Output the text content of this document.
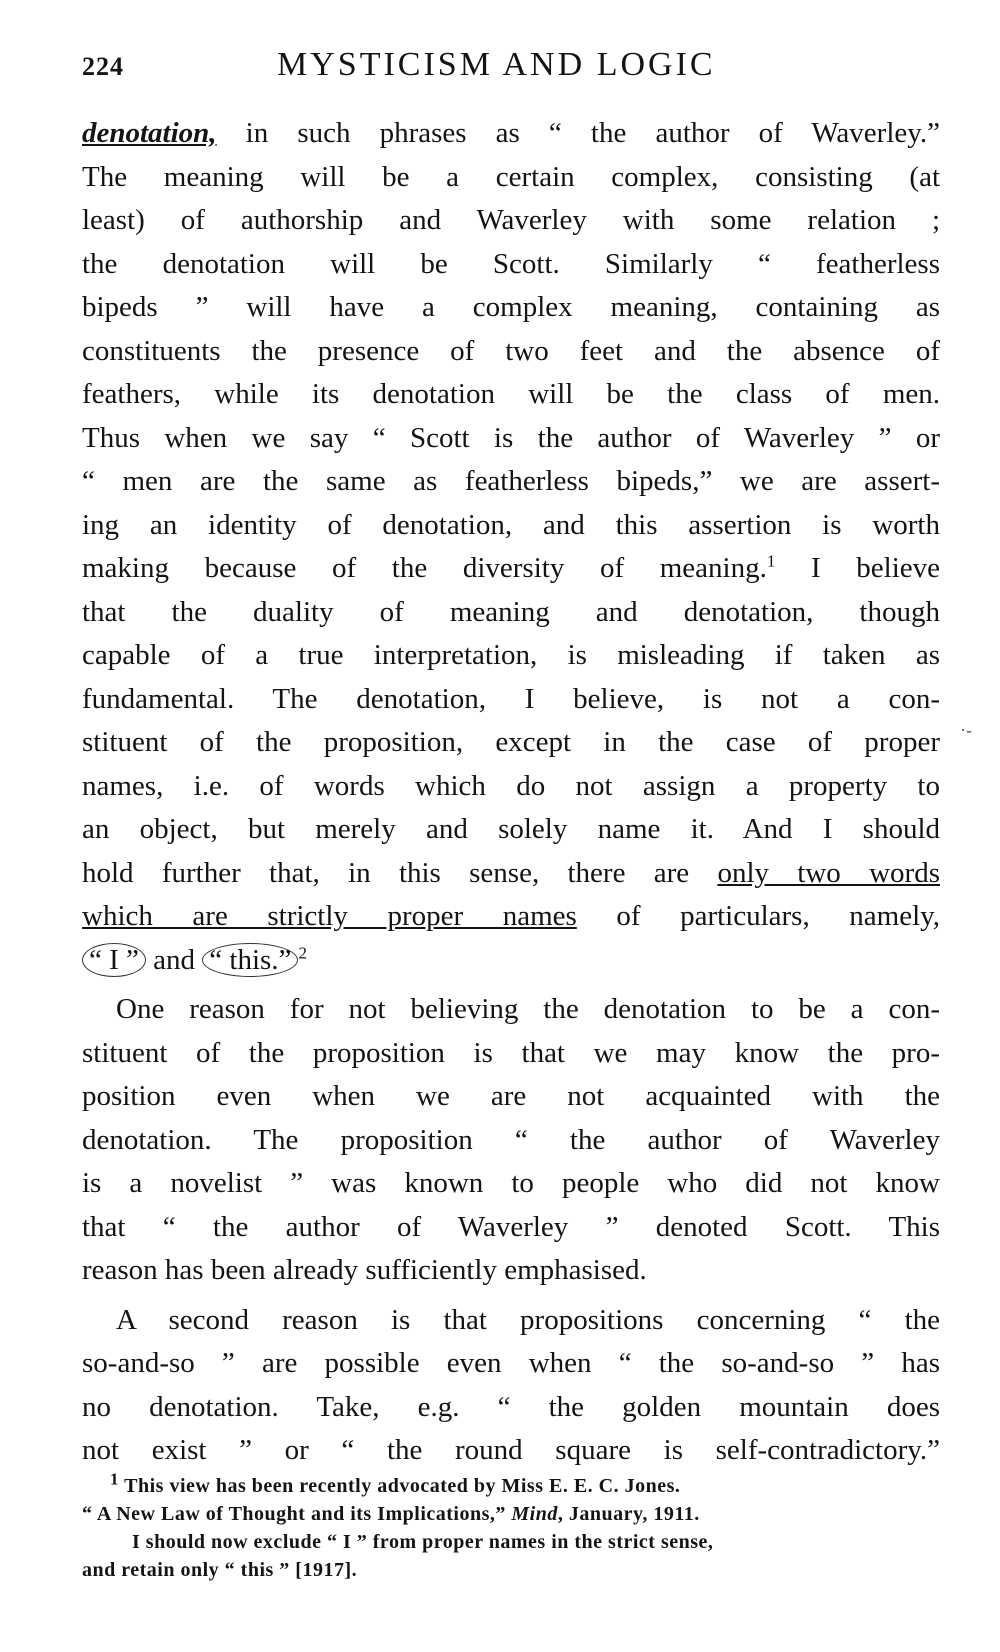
224	MYSTICISM AND LOGIC
denotation, in such phrases as “ the author of Waverley.”
The meaning will be a certain complex, consisting (at
least) of authorship and Waverley with some relation ;
the denotation will be Scott. Similarly “ featherless
bipeds ” will have a complex meaning, containing as
constituents the presence of two feet and the absence of
feathers, while its denotation will be the class of men.
Thus when we say “ Scott is the author of Waverley ” or
“ men are the same as featherless bipeds,” we are assert-
ing an identity of denotation, and this assertion is worth
making because of the diversity of meaning.$^1$ I believe
that the duality of meaning and denotation, though
capable of a true interpretation, is misleading if taken as
fundamental. The denotation, I believe, is not a con-
stituent of the proposition, except in the case of proper
names, i.e. of words which do not assign a property to
an object, but merely and solely name it. And I should
hold further that, in this sense, there are only two words
which are strictly proper names of particulars, namely,
“ I ” and “ this.” $^2$
One reason for not believing the denotation to be a con-
stituent of the proposition is that we may know the pro-
position even when we are not acquainted with the
denotation. The proposition “ the author of Waverley
is a novelist ” was known to people who did not know
that “ the author of Waverley ” denoted Scott. This
reason has been already sufficiently emphasised.
A second reason is that propositions concerning “ the
so-and-so ” are possible even when “ the so-and-so ” has
no denotation. Take, e.g. “ the golden mountain does
not exist ” or “ the round square is self-contradictory.”
·-
$^1$ This view has been recently advocated by Miss E. E. C. Jones.
“ A New Law of Thought and its Implications,” Mind, January, 1911.
I should now exclude “ I ” from proper names in the strict sense,
and retain only “ this ” [1917].
